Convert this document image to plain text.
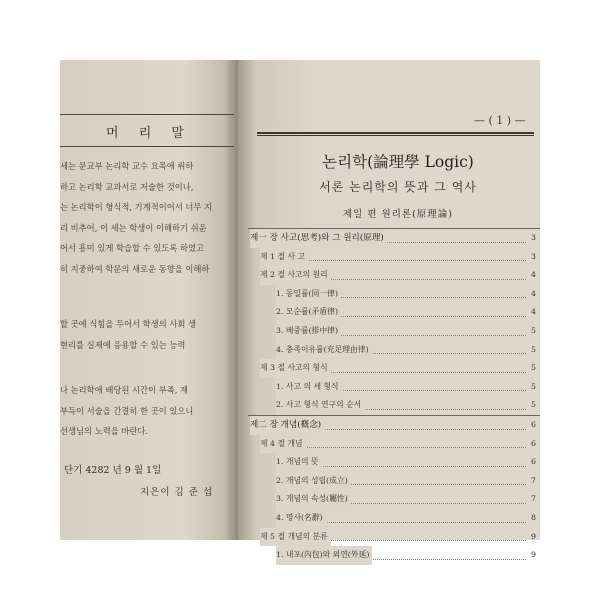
머 리 말
세는 문교부 논리학 교수 요목에 뤼하
하고 논리학 교과서로 저술한 것이나,
는 논리학이 형식적, 기계적이어서 너무 지
리 비추어, 이 세는 학생이 이해하기 쉬운
어서 흥미 있게 학습할 수 있도록 하였고
히 지중하여 학문의 새로운 동향을 이해하
할 곳에 식힘을 두어서 학생의 사회 생
현리를 실제에 응용할 수 있는 능력
나 논리학에 배당된 시간이 부족, 재
부득이 서술을 간결히 한 곳이 있으니
선생님의 노력을 바란다.
단기 4282 년 9 월 1일
지은이 김 준 섭
— ( 1 ) —
논리학(論理學 Logic)
서론 논리학의 뜻과 그 역사
제일 편 원리론(原理論)
제一 장 사고(思考)와 그 원리(原理)	3
제 1 절 사 고	3
제 2 절 사고의 원리	4
1. 동일률(同一律)	4
2. 모순률(矛盾律)	4
3. 배중률(排中律)	5
4. 충족이유률(充足理由律)	5
제 3 절 사고의 형식	5
1. 사고 의 세 형식	5
2. 사고 형식 연구의 순서	5
제二 장 개념(槪念)	6
제 4 절 개념	6
1. 개념의 뜻	6
2. 개념의 성립(成立)	7
3. 개념의 속성(屬性)	7
4. 명사(名辭)	8
제 5 절 개념의 분류	9
1. 내포(內包)와 외연(外延)	9
